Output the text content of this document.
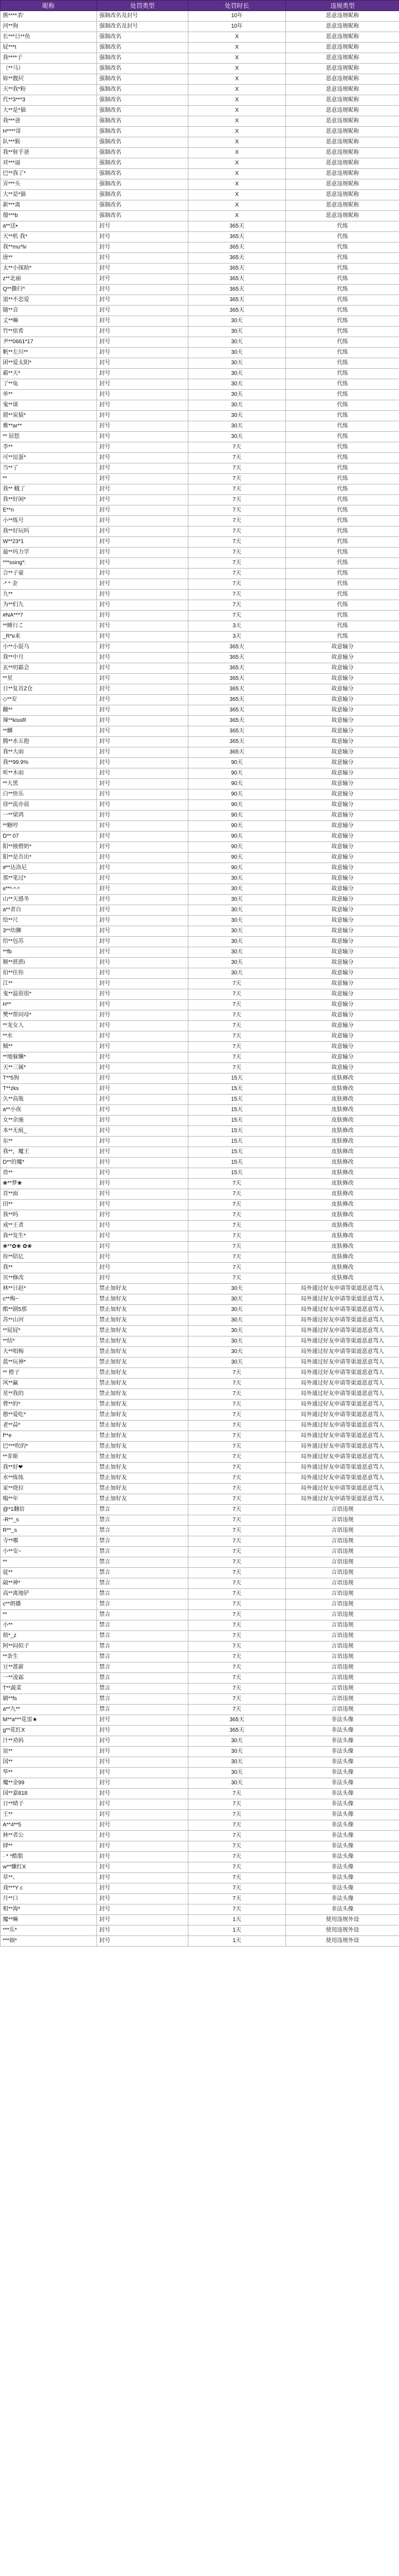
昵称	处罚类型	处罚时长	违规类型
熊****杀'	强制改名及封号	10年	恶意违规昵称
河**狗	强制改名及封号	10年	恶意违规昵称
长***日**鱼	强制改名	X	恶意违规昵称
屁***t	强制改名	X	恶意违规昵称
我****子	强制改名	X	恶意违规昵称
（**马）	强制改名	X	恶意违规昵称
妳**靓屄	强制改名	X	恶意违规昵称
天**我*粉	强制改名	X	恶意违规昵称
代**3***3	强制改名	X	恶意违规昵称
大**是*猫	强制改名	X	恶意违规昵称
我***爸	强制改名	X	恶意违规昵称
H****哥	强制改名	X	恶意违规昵称
队***猴	强制改名	X	恶意违规昵称
我**射手爸	强制改名	X	恶意违规昵称
对***逼	强制改名	X	恶意违规昵称
巴**我了*	强制改名	X	恶意违规昵称
弄***头	强制改名	X	恶意违规昵称
大**是*猫	强制改名	X	恶意违规昵称
新***离	强制改名	X	恶意违规昵称
傻***b	强制改名	X	恶意违规昵称
a**送•	封号	365天	代练
天**机 我*	封号	365天	代练
我**mu*lv	封号	365天	代练
唐**	封号	365天	代练
太**小探助*	封号	365天	代练
z**北丽	封号	365天	代练
Q**撕归^	封号	365天	代练
道**不恋爱	封号	365天	代练
随**音	封号	365天	代练
丈**嘛	封号	30天	代练
竹**依希	封号	30天	代练
尹**0661*17	封号	30天	代练
帆**左川**	封号	30天	代练
团**爱太阳*	封号	30天	代练
霸**天*	封号	30天	代练
了**龟	封号	30天	代练
单**	封号	30天	代练
鬼**谈	封号	30天	代练
猪**炭猿*	封号	30天	代练
雅**ar**	封号	30天	代练
** 屈悠	封号	30天	代练
李**	封号	7天	代练
可**逗蛋*	封号	7天	代练
当**了	封号	7天	代练
**	封号	7天	代练
我** 蛾了	封号	7天	代练
我**好闲*	封号	7天	代练
E**n	封号	7天	代练
小**练号	封号	7天	代练
我**好玩吗	封号	7天	代练
W**23*1	封号	7天	代练
最**玛力学	封号	7天	代练
***ssing*:	封号	7天	代练
合**子豪	封号	7天	代练
-* * 金	封号	7天	代练
九**	封号	7天	代练
为**们九	封号	7天	代练
#NA***7	封号	7天	代练
**睡行こ	封号	3天	代练
_R*ʚ来	封号	3天	代练
小**小混乌	封号	365天	故意输分
我**中月	封号	365天	故意输分
玄**叨霸会	封号	365天	故意输分
**星	封号	365天	故意输分
日**复首Z仓	封号	365天	故意输分
◇**安	封号	365天	故意输分
翻**	封号	365天	故意输分
辣**kissR	封号	365天	故意输分
**麟	封号	365天	故意输分
腾**水五抱	封号	365天	故意输分
我**大雨	封号	365天	故意输分
我**99.9%	封号	90天	故意输分
听**木雨	封号	90天	故意输分
**大黑	封号	90天	故意输分
白**快乐	封号	90天	故意输分
徐**流亦晨	封号	90天	故意输分
一**梁鸿	封号	90天	故意输分
**糖哼	封号	90天	故意输分
D** 07	封号	90天	故意输分
阳**掖僧奶*	封号	90天	故意输分
阳**是吾出*	封号	90天	故意输分
#**达洛尼	封号	90天	故意输分
那**笔过*	封号	30天	故意输分
ɞ**ⁿ·ⁿ·ⁿ	封号	30天	故意输分
山**天感冬	封号	30天	故意输分
a**者自	封号	30天	故意输分
绘**尺	封号	30天	故意输分
3**幼狮	封号	30天	故意输分
给**包苏	封号	30天	故意输分
**fb	封号	30天	故意输分
顺**蔗蔗i	封号	30天	故意输分
伯**住你	封号	30天	故意输分
江**	封号	7天	故意输分
鬼**温很很*	封号	7天	故意输分
H**	封号	7天	故意输分
樊**帮同母*	封号	7天	故意输分
**龙女人	封号	7天	故意输分
**水	封号	7天	故意输分
贼**	封号	7天	故意输分
**地躲懒*	封号	7天	故意输分
天**三属*	封号	7天	故意输分
T**5狗	封号	15天	皮肤修改
T**zks	封号	15天	皮肤修改
久**高瓶	封号	15天	皮肤修改
a**小夜	封号	15天	皮肤修改
女**余施	封号	15天	皮肤修改
本**无痕_	封号	15天	皮肤修改
东**	封号	15天	皮肤修改
我**，魔王	封号	15天	皮肤修改
D**的魔*	封号	15天	皮肤修改
兽**	封号	15天	皮肤修改
❀**梦❀	封号	7天	皮肤修改
首**面	封号	7天	皮肤修改
田**	封号	7天	皮肤修改
我**吗	封号	7天	皮肤修改
戒**王者	封号	7天	皮肤修改
我**发生*	封号	7天	皮肤修改
❀**✿❀ ✿❀	封号	7天	皮肤修改
你**陪亿	封号	7天	皮肤修改
我**	封号	7天	皮肤修改
贝**修改	封号	7天	皮肤修改
林**日赵*	禁止加好友	30天	局外通过好友申请等渠道恶意骂人
c**梅~	禁止加好友	30天	局外通过好友申请等渠道恶意骂人
酷**剧5那	禁止加好友	30天	局外通过好友申请等渠道恶意骂人
苏**山河	禁止加好友	30天	局外通过好友申请等渠道恶意骂人
**屁屁*	禁止加好友	30天	局外通过好友申请等渠道恶意骂人
**结*	禁止加好友	30天	局外通过好友申请等渠道恶意骂人
大**唱梅	禁止加好友	30天	局外通过好友申请等渠道恶意骂人
蓝**玩神*	禁止加好友	30天	局外通过好友申请等渠道恶意骂人
** 橙子	禁止加好友	7天	局外通过好友申请等渠道恶意骂人
风**赢	禁止加好友	7天	局外通过好友申请等渠道恶意骂人
星**我的	禁止加好友	7天	局外通过好友申请等渠道恶意骂人
曹**的*	禁止加好友	7天	局外通过好友申请等渠道恶意骂人
憨**爱吃*	禁止加好友	7天	局外通过好友申请等渠道恶意骂人
老**蒜*	禁止加好友	7天	局外通过好友申请等渠道恶意骂人
f**e	禁止加好友	7天	局外通过好友申请等渠道恶意骂人
巴***吹的*	禁止加好友	7天	局外通过好友申请等渠道恶意骂人
**菲斯	禁止加好友	7天	局外通过好友申请等渠道恶意骂人
我**好❤	禁止加好友	7天	局外通过好友申请等渠道恶意骂人
水**练练	禁止加好友	7天	局外通过好友申请等渠道恶意骂人
家**烧拉	禁止加好友	7天	局外通过好友申请等渠道恶意骂人
嗡**年	禁止加好友	7天	局外通过好友申请等渠道恶意骂人
@*1翻倍	禁言	7天	言语违规
-R**_s	禁言	7天	言语违规
R**_s	禁言	7天	言语违规
寺**哪	禁言	7天	言语违规
小**安~	禁言	7天	言语违规
**	禁言	7天	言语违规
徒**	禁言	7天	言语违规
敲**神*	禁言	7天	言语违规
高**离地铲	禁言	7天	言语违规
c**朗播	禁言	7天	言语违规
**	禁言	7天	言语违规
小**	禁言	7天	言语违规
烦*_z	禁言	7天	言语违规
阿**闷似子	禁言	7天	言语违规
**条生	禁言	7天	言语违规
豆**蔷薪	禁言	7天	言语违规
一**凌霜	禁言	7天	言语违规
T**蔬菜	禁言	7天	言语违规
刷**fs	禁言	7天	言语违规
a**九**	禁言	7天	言语违规
M**a***花雷★	封号	365天	非法头像
g**花红X	封号	365天	非法头像
汁**劝妈	封号	30天	非法头像
谊**	封号	30天	非法头像
国**	封号	30天	非法头像
华**	封号	30天	非法头像
魔**金99	封号	30天	非法头像
国**嘉818	封号	7天	非法头像
日**晴子	封号	7天	非法头像
王**	封号	7天	非法头像
A**4**5	封号	7天	非法头像
林**者公	封号	7天	非法头像
肆**	封号	7天	非法头像
· * *酷脂	封号	7天	非法头像
w**赚红X	封号	7天	非法头像
草**、	封号	7天	非法头像
戏***Y c	封号	7天	非法头像
月**口	封号	7天	非法头像
相**海*	封号	7天	非法头像
魔**嘛	封号	1天	使用违规外设
***乐*	封号	1天	使用违规外设
***抽*	封号	1天	使用违规外设
